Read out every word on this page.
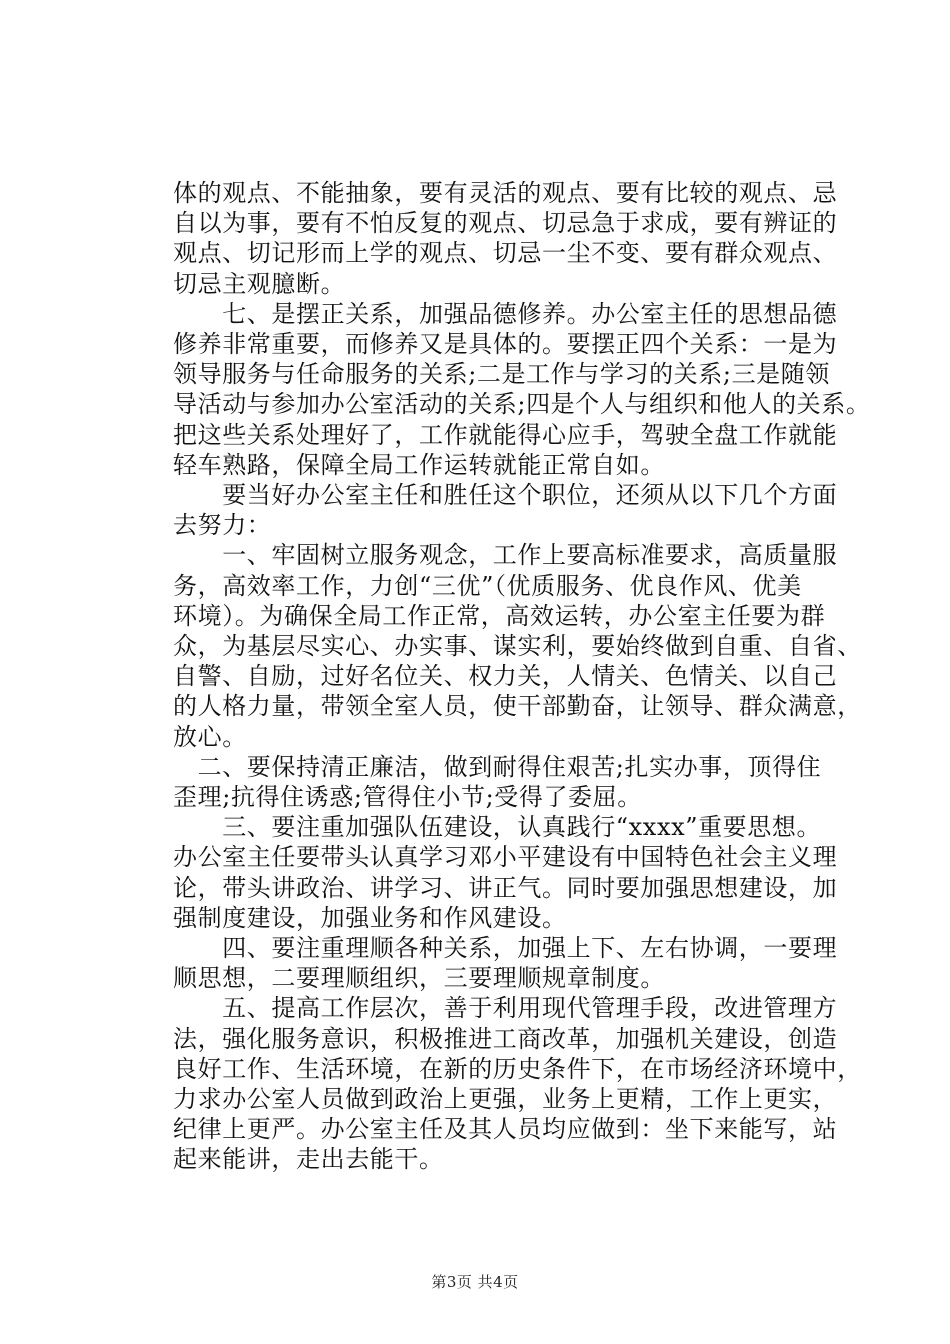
体的观点、不能抽象，要有灵活的观点、要有比较的观点、忌
自以为事，要有不怕反复的观点、切忌急于求成，要有辨证的
观点、切记形而上学的观点、切忌一尘不变、要有群众观点、
切忌主观臆断。
　　七、是摆正关系，加强品德修养。办公室主任的思想品德
修养非常重要，而修养又是具体的。要摆正四个关系：一是为
领导服务与任命服务的关系;二是工作与学习的关系;三是随领
导活动与参加办公室活动的关系;四是个人与组织和他人的关系。
把这些关系处理好了，工作就能得心应手，驾驶全盘工作就能
轻车熟路，保障全局工作运转就能正常自如。
　　要当好办公室主任和胜任这个职位，还须从以下几个方面
去努力：
　　一、牢固树立服务观念，工作上要高标准要求，高质量服
务，高效率工作，力创“三优”（优质服务、优良作风、优美
环境）。为确保全局工作正常，高效运转，办公室主任要为群
众，为基层尽实心、办实事、谋实利，要始终做到自重、自省、
自警、自励，过好名位关、权力关，人情关、色情关、以自己
的人格力量，带领全室人员，使干部勤奋，让领导、群众满意，
放心。
　二、要保持清正廉洁，做到耐得住艰苦;扎实办事，顶得住
歪理;抗得住诱惑;管得住小节;受得了委屈。
　　三、要注重加强队伍建设，认真践行“xxxx”重要思想。
办公室主任要带头认真学习邓小平建设有中国特色社会主义理
论，带头讲政治、讲学习、讲正气。同时要加强思想建设，加
强制度建设，加强业务和作风建设。
　　四、要注重理顺各种关系，加强上下、左右协调，一要理
顺思想，二要理顺组织，三要理顺规章制度。
　　五、提高工作层次，善于利用现代管理手段，改进管理方
法，强化服务意识，积极推进工商改革，加强机关建设，创造
良好工作、生活环境，在新的历史条件下，在市场经济环境中，
力求办公室人员做到政治上更强，业务上更精，工作上更实，
纪律上更严。办公室主任及其人员均应做到：坐下来能写，站
起来能讲，走出去能干。
第3页 共4页
